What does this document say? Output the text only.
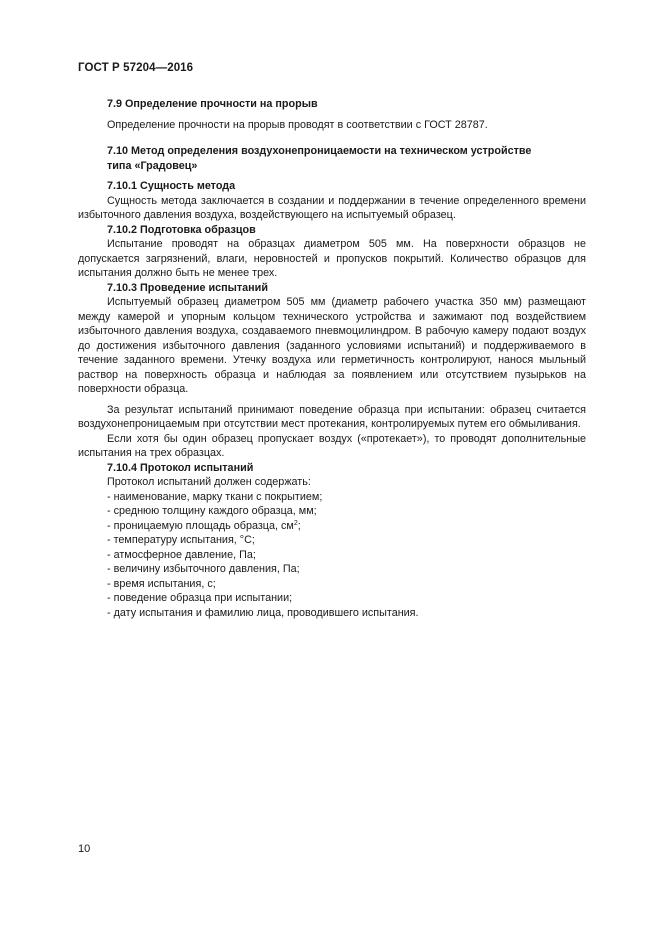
ГОСТ Р 57204—2016

7.9 Определение прочности на прорыв

Определение прочности на прорыв проводят в соответствии с ГОСТ 28787.

7.10 Метод определения воздухонепроницаемости на техническом устройстве

типа «Градовец»

7.10.1 Сущность метода

Сущность метода заключается в создании и поддержании в течение определенного времени избыточного давления воздуха, воздействующего на испытуемый образец.

7.10.2 Подготовка образцов

Испытание проводят на образцах диаметром 505 мм. На поверхности образцов не допускается загрязнений, влаги, неровностей и пропусков покрытий. Количество образцов для испытания должно быть не менее трех.

7.10.3 Проведение испытаний

Испытуемый образец диаметром 505 мм (диаметр рабочего участка 350 мм) размещают между камерой и упорным кольцом технического устройства и зажимают под воздействием избыточного давления воздуха, создаваемого пневмоцилиндром. В рабочую камеру подают воздух до достижения избыточного давления (заданного условиями испытаний) и поддерживаемого в течение заданного времени. Утечку воздуха или герметичность контролируют, нанося мыльный раствор на поверхность образца и наблюдая за появлением или отсутствием пузырьков на поверхности образца.

За результат испытаний принимают поведение образца при испытании: образец считается воздухонепроницаемым при отсутствии мест протекания, контролируемых путем его обмыливания.

Если хотя бы один образец пропускает воздух («протекает»), то проводят дополнительные испытания на трех образцах.

7.10.4 Протокол испытаний

Протокол испытаний должен содержать:

- наименование, марку ткани с покрытием;
- среднюю толщину каждого образца, мм;
- проницаемую площадь образца, $см^2$;
- температуру испытания, °С;
- атмосферное давление, Па;
- величину избыточного давления, Па;
- время испытания, с;
- поведение образца при испытании;
- дату испытания и фамилию лица, проводившего испытания.
10
